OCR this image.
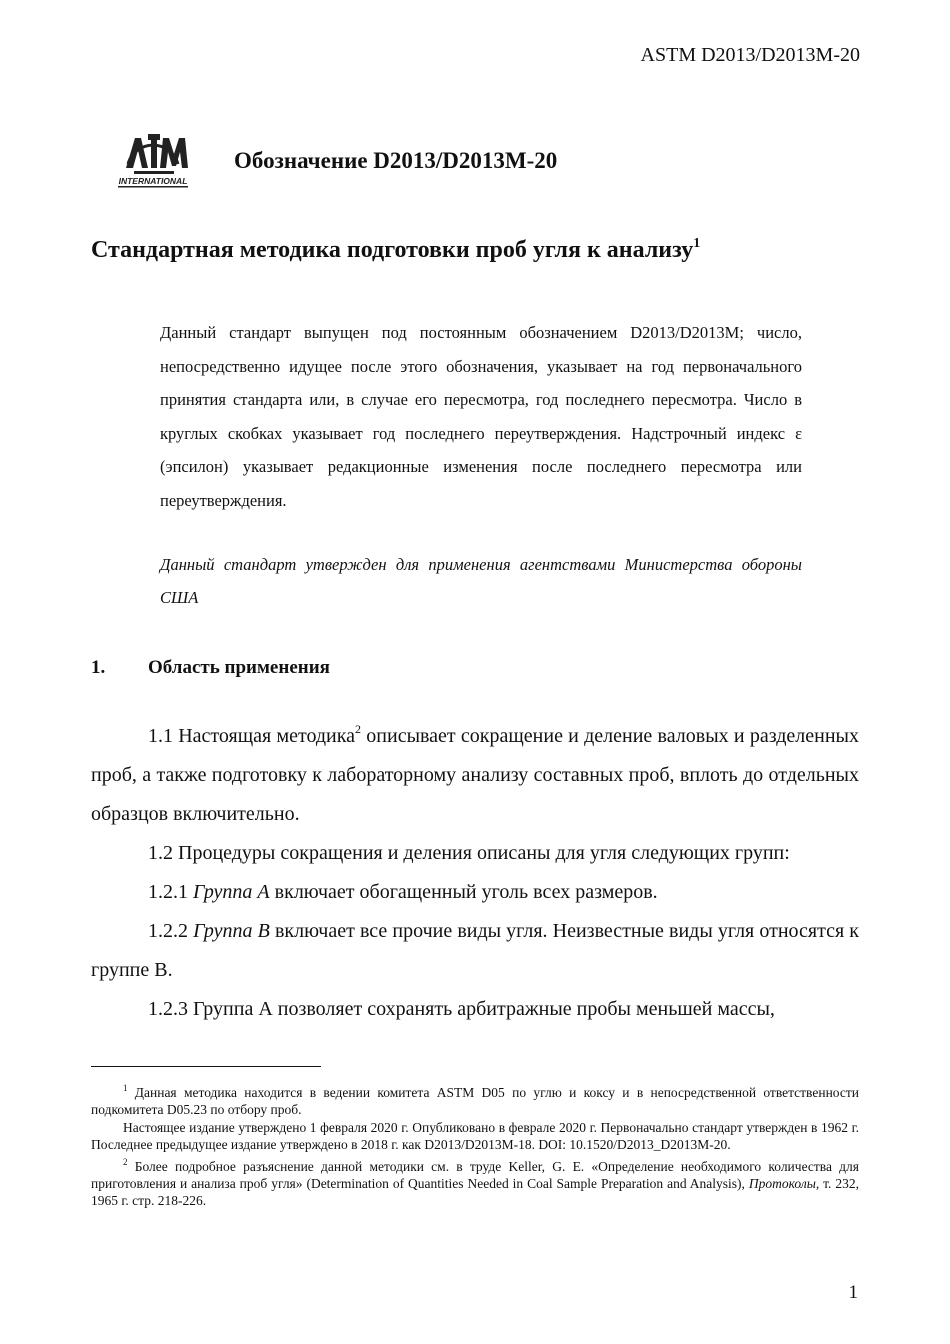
ASTM D2013/D2013M-20
INTERNATIONAL
Обозначение D2013/D2013M-20
Стандартная методика подготовки проб угля к анализу$^1$
Данный стандарт выпущен под постоянным обозначением D2013/D2013M; число, непосредственно идущее после этого обозначения, указывает на год первоначального принятия стандарта или, в случае его пересмотра, год последнего пересмотра. Число в круглых скобках указывает год последнего переутверждения. Надстрочный индекс ε (эпсилон) указывает редакционные изменения после последнего пересмотра или переутверждения.
Данный стандарт утвержден для применения агентствами Министерства обороны США
1. Область применения

1.1 Настоящая методика$^2$ описывает сокращение и деление валовых и разделенных проб, а также подготовку к лабораторному анализу составных проб, вплоть до отдельных образцов включительно.

1.2 Процедуры сокращения и деления описаны для угля следующих групп:

1.2.1 Группа А включает обогащенный уголь всех размеров.

1.2.2 Группа В включает все прочие виды угля. Неизвестные виды угля относятся к группе В.

1.2.3 Группа А позволяет сохранять арбитражные пробы меньшей массы,

$^1$ Данная методика находится в ведении комитета ASTM D05 по углю и коксу и в непосредственной ответственности подкомитета D05.23 по отбору проб.

Настоящее издание утверждено 1 февраля 2020 г. Опубликовано в феврале 2020 г. Первоначально стандарт утвержден в 1962 г. Последнее предыдущее издание утверждено в 2018 г. как D2013/D2013M-18. DOI: 10.1520/D2013_D2013M-20.

$^2$ Более подробное разъяснение данной методики см. в труде Keller, G. E. «Определение необходимого количества для приготовления и анализа проб угля» (Determination of Quantities Needed in Coal Sample Preparation and Analysis), Протоколы, т. 232, 1965 г. стр. 218-226.

1
